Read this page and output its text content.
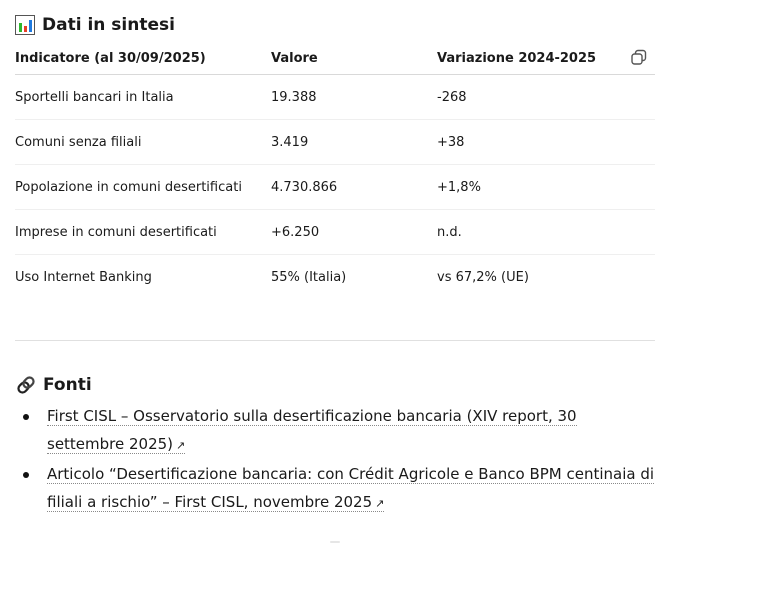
Dati in sintesi
Indicatore (al 30/09/2025)	Valore	Variazione 2024-2025
Sportelli bancari in Italia	19.388	-268
Comuni senza filiali	3.419	+38
Popolazione in comuni desertificati	4.730.866	+1,8%
Imprese in comuni desertificati	+6.250	n.d.
Uso Internet Banking	55% (Italia)	vs 67,2% (UE)
Fonti
First CISL – Osservatorio sulla desertificazione bancaria (XIV report, 30 settembre 2025) ↗
Articolo “Desertificazione bancaria: con Crédit Agricole e Banco BPM centinaia di filiali a rischio” – First CISL, novembre 2025 ↗
